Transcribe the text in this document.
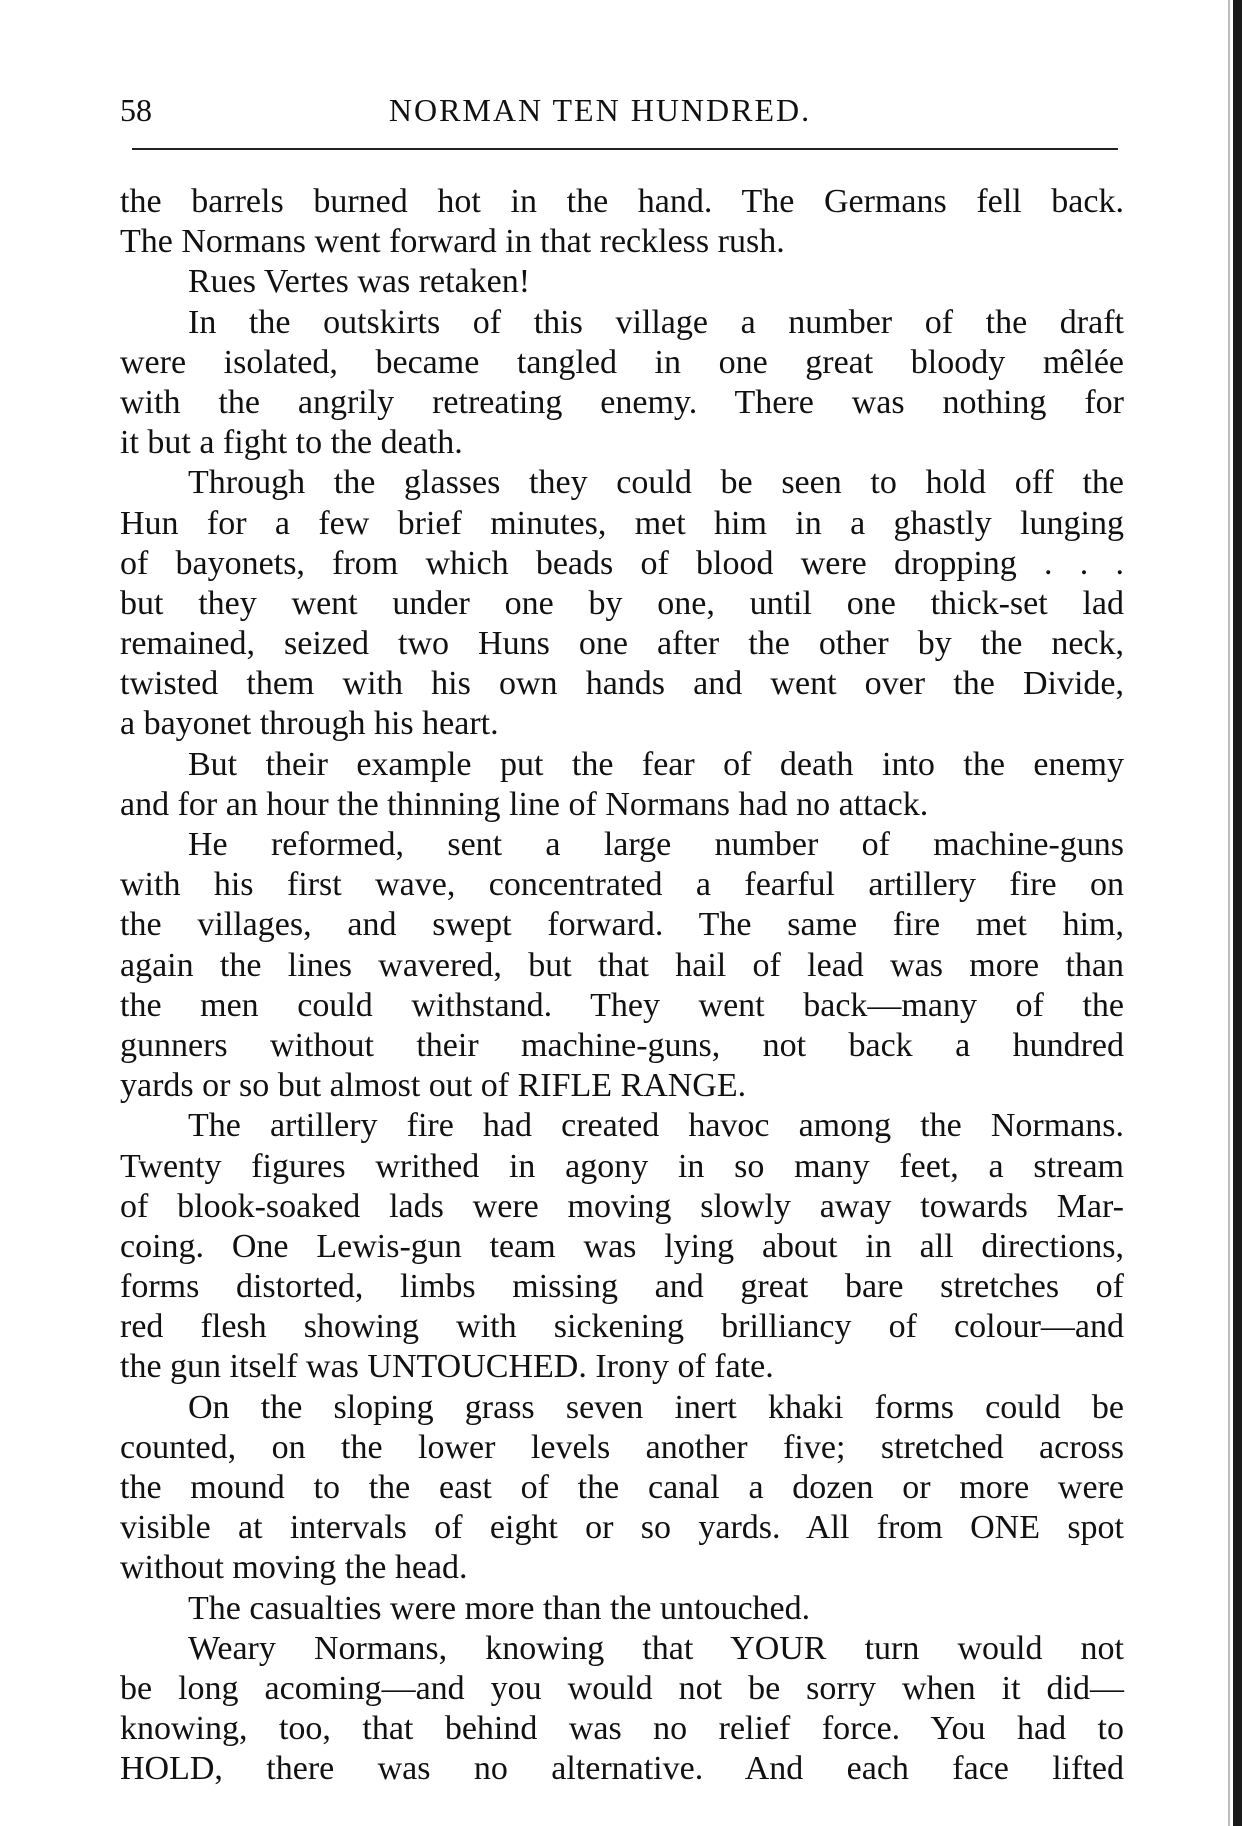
58	NORMAN TEN HUNDRED.
the barrels burned hot in the hand. The Germans fell back.
The Normans went forward in that reckless rush.
Rues Vertes was retaken!
In the outskirts of this village a number of the draft
were isolated, became tangled in one great bloody mêlée
with the angrily retreating enemy. There was nothing for
it but a fight to the death.
Through the glasses they could be seen to hold off the
Hun for a few brief minutes, met him in a ghastly lunging
of bayonets, from which beads of blood were dropping . . .
but they went under one by one, until one thick-set lad
remained, seized two Huns one after the other by the neck,
twisted them with his own hands and went over the Divide,
a bayonet through his heart.
But their example put the fear of death into the enemy
and for an hour the thinning line of Normans had no attack.
He reformed, sent a large number of machine-guns
with his first wave, concentrated a fearful artillery fire on
the villages, and swept forward. The same fire met him,
again the lines wavered, but that hail of lead was more than
the men could withstand. They went back—many of the
gunners without their machine-guns, not back a hundred
yards or so but almost out of RIFLE RANGE.
The artillery fire had created havoc among the Normans.
Twenty figures writhed in agony in so many feet, a stream
of blook-soaked lads were moving slowly away towards Mar-
coing. One Lewis-gun team was lying about in all directions,
forms distorted, limbs missing and great bare stretches of
red flesh showing with sickening brilliancy of colour—and
the gun itself was UNTOUCHED. Irony of fate.
On the sloping grass seven inert khaki forms could be
counted, on the lower levels another five; stretched across
the mound to the east of the canal a dozen or more were
visible at intervals of eight or so yards. All from ONE spot
without moving the head.
The casualties were more than the untouched.
Weary Normans, knowing that YOUR turn would not
be long acoming—and you would not be sorry when it did—
knowing, too, that behind was no relief force. You had to
HOLD, there was no alternative. And each face lifted
